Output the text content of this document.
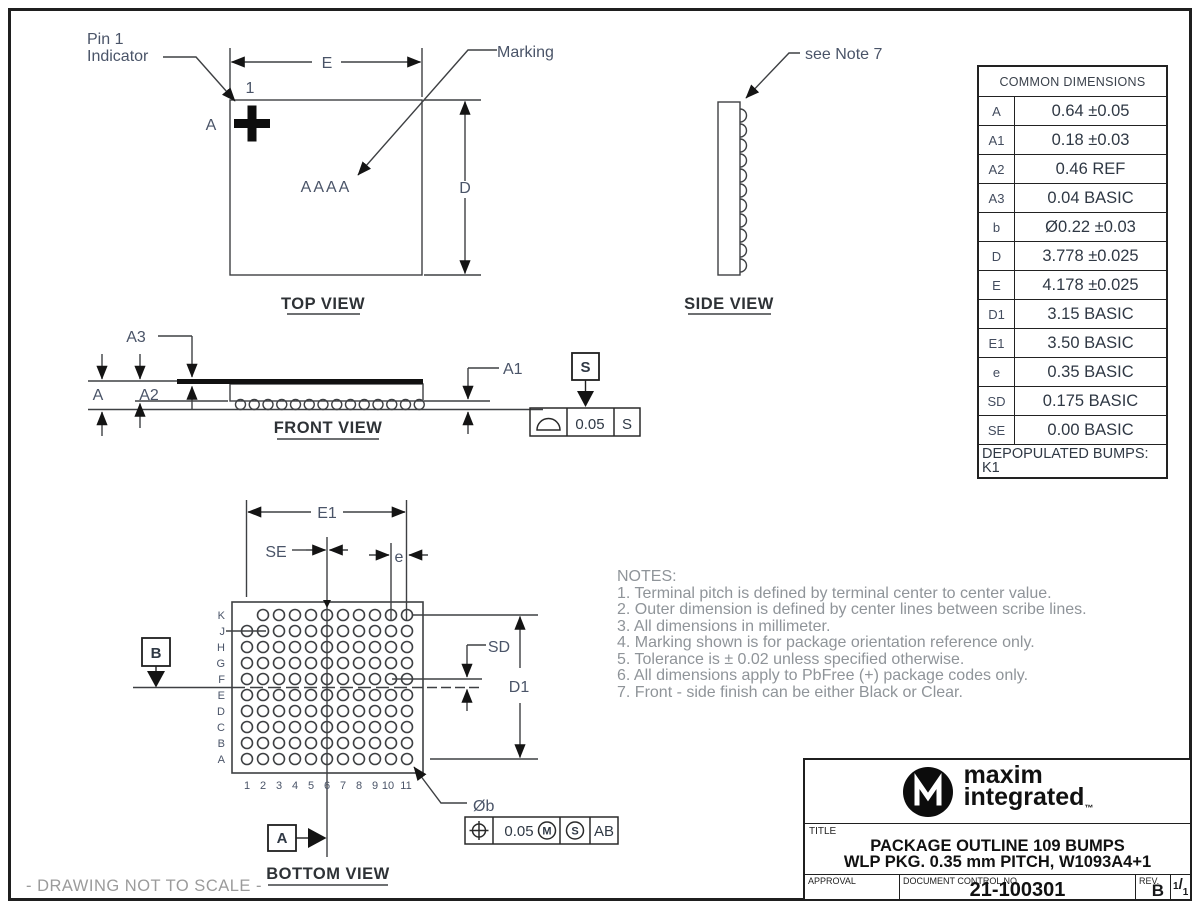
Pin 1
Indicator
1
A
E
D
AAAA
Marking
TOP VIEW
see Note 7
SIDE VIEW
A3
A A2
A1	S
0.05 S
FRONT VIEW
K
J
H
G
F
E
D
C
B
A
1 2 3 4 5 6 7 8 9 10 11
E1
SE	e
SD
D1
Øb
B
A	0.05 M S AB
BOTTOM VIEW
COMMON DIMENSIONS
A	0.64 ±0.05
A1	0.18 ±0.03
A2	0.46 REF
A3	0.04 BASIC
b	Ø0.22 ±0.03
D	3.778 ±0.025
E	4.178 ±0.025
D1	3.15 BASIC
E1	3.50 BASIC
e	0.35 BASIC
SD	0.175 BASIC
SE	0.00 BASIC
DEPOPULATED BUMPS:
K1
NOTES:
1. Terminal pitch is defined by terminal center to center value.
2. Outer dimension is defined by center lines between scribe lines.
3. All dimensions in millimeter.
4. Marking shown is for package orientation reference only.
5. Tolerance is ± 0.02 unless specified otherwise.
6. All dimensions apply to PbFree (+) package codes only.
7. Front - side finish can be either Black or Clear.
maxim
integrated$_™$
TITLE
PACKAGE OUTLINE 109 BUMPS
WLP PKG. 0.35 mm PITCH, W1093A4+1
APPROVAL	DOCUMENT CONTROL NO.
21-100301	REV.
B 1/1
- DRAWING NOT TO SCALE -
